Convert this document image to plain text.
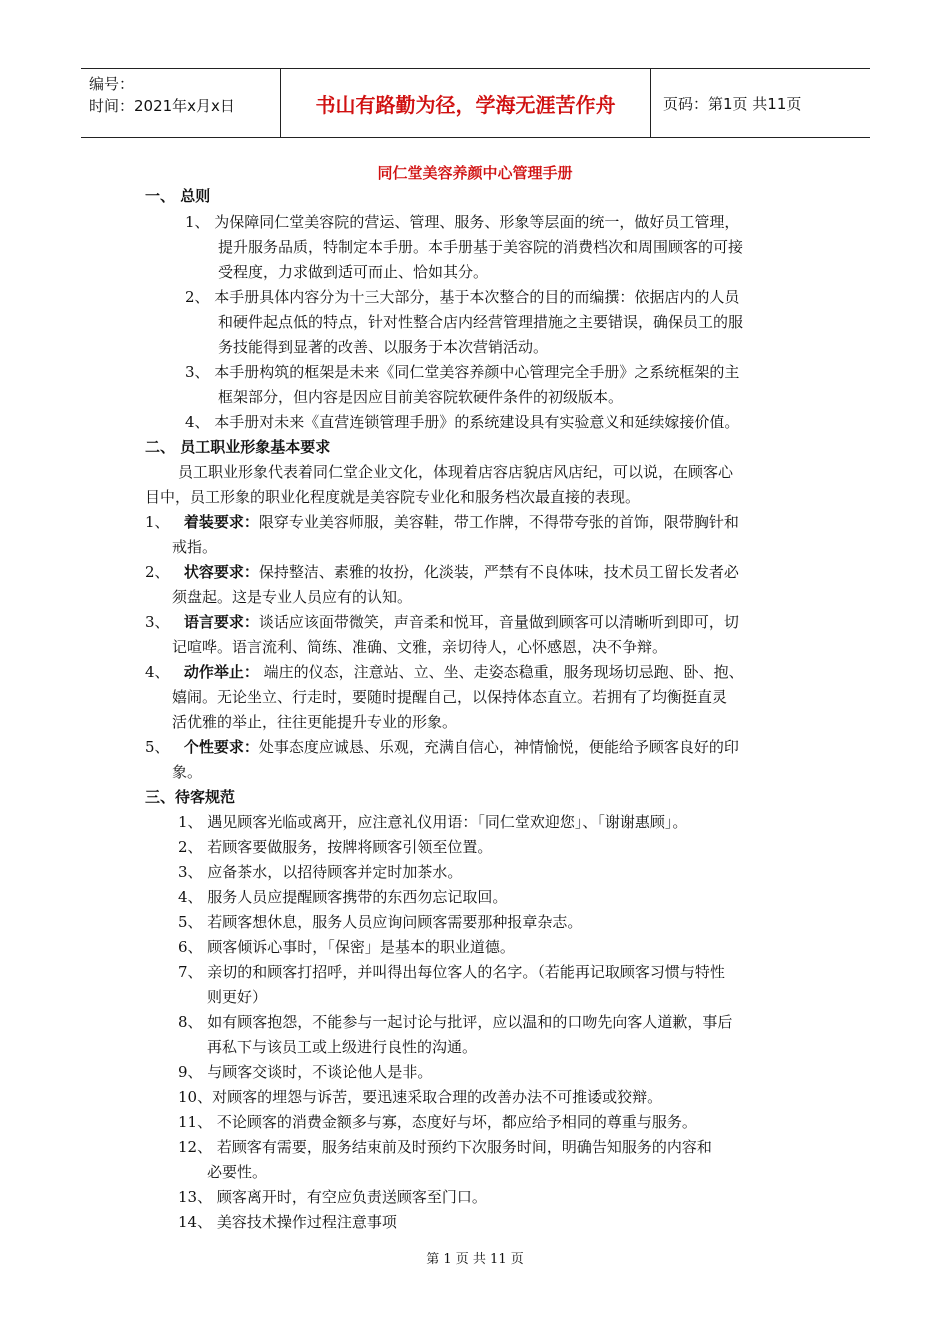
编号：
时间：2021年x月x日	书山有路勤为径，学海无涯苦作舟	页码：第1页 共11页
同仁堂美容养颜中心管理手册
一、 总则
1、 为保障同仁堂美容院的营运、管理、服务、形象等层面的统一，做好员工管理，
提升服务品质，特制定本手册。本手册基于美容院的消费档次和周围顾客的可接
受程度，力求做到适可而止、恰如其分。
2、 本手册具体内容分为十三大部分，基于本次整合的目的而编撰：依据店内的人员
和硬件起点低的特点，针对性整合店内经营管理措施之主要错误，确保员工的服
务技能得到显著的改善、以服务于本次营销活动。
3、 本手册构筑的框架是未来《同仁堂美容养颜中心管理完全手册》之系统框架的主
框架部分，但内容是因应目前美容院软硬件条件的初级版本。
4、 本手册对未来《直营连锁管理手册》的系统建设具有实验意义和延续嫁接价值。
二、 员工职业形象基本要求
员工职业形象代表着同仁堂企业文化，体现着店容店貌店风店纪，可以说，在顾客心
目中，员工形象的职业化程度就是美容院专业化和服务档次最直接的表现。
1、 着装要求：限穿专业美容师服，美容鞋，带工作牌，不得带夸张的首饰，限带胸针和
戒指。
2、 状容要求：保持整洁、素雅的妆扮，化淡装，严禁有不良体味，技术员工留长发者必
须盘起。这是专业人员应有的认知。
3、 语言要求：谈话应该面带微笑，声音柔和悦耳，音量做到顾客可以清晰听到即可，切
记喧哗。语言流利、简练、准确、文雅，亲切待人，心怀感恩，决不争辩。
4、 动作举止： 端庄的仪态，注意站、立、坐、走姿态稳重，服务现场切忌跑、卧、抱、
嬉闹。无论坐立、行走时，要随时提醒自己，以保持体态直立。若拥有了均衡挺直灵
活优雅的举止，往往更能提升专业的形象。
5、 个性要求：处事态度应诚恳、乐观，充满自信心，神情愉悦，便能给予顾客良好的印
象。
三、待客规范
1、 遇见顾客光临或离开，应注意礼仪用语：「同仁堂欢迎您」、「谢谢惠顾」。
2、 若顾客要做服务，按牌将顾客引领至位置。
3、 应备茶水，以招待顾客并定时加茶水。
4、 服务人员应提醒顾客携带的东西勿忘记取回。
5、 若顾客想休息，服务人员应询问顾客需要那种报章杂志。
6、 顾客倾诉心事时，「保密」是基本的职业道德。
7、 亲切的和顾客打招呼，并叫得出每位客人的名字。（若能再记取顾客习惯与特性
则更好）
8、 如有顾客抱怨，不能参与一起讨论与批评，应以温和的口吻先向客人道歉，事后
再私下与该员工或上级进行良性的沟通。
9、 与顾客交谈时，不谈论他人是非。
10、对顾客的埋怨与诉苦，要迅速采取合理的改善办法不可推诿或狡辩。
11、 不论顾客的消费金额多与寡，态度好与坏，都应给予相同的尊重与服务。
12、 若顾客有需要，服务结束前及时预约下次服务时间，明确告知服务的内容和
必要性。
13、 顾客离开时，有空应负责送顾客至门口。
14、 美容技术操作过程注意事项
第 1 页 共 11 页
